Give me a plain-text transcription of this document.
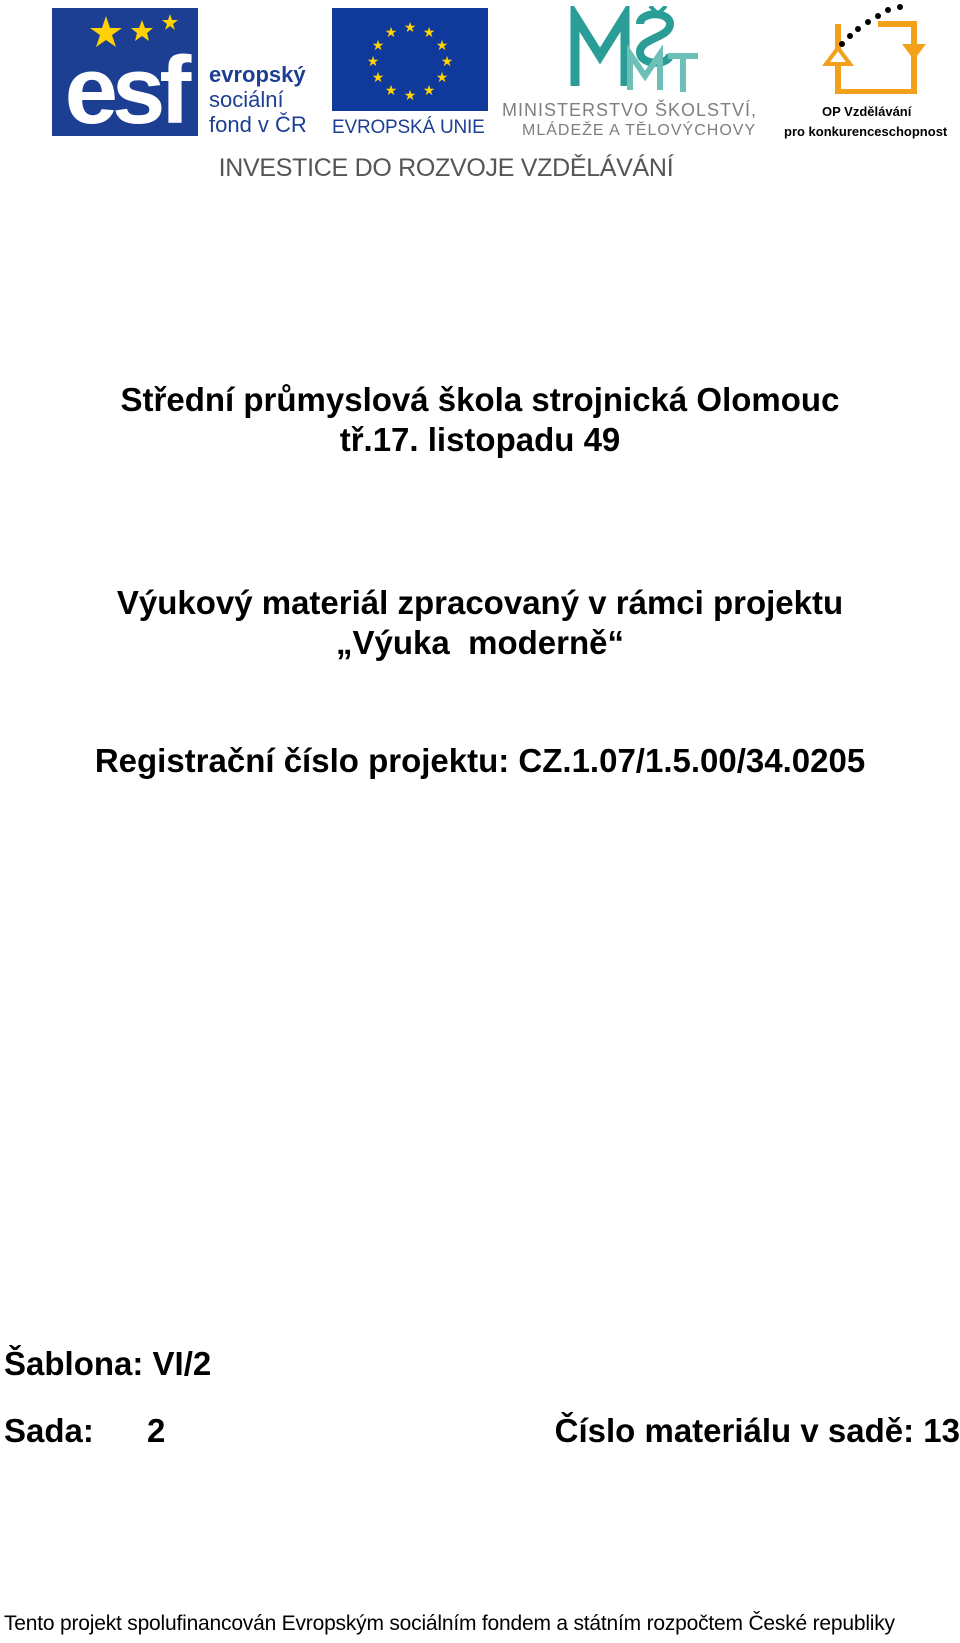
esf	evropský
sociální
fond v ČR
★ ★
★
★
★
★
★
★
★
★
★
★
EVROPSKÁ UNIE
MINISTERSTVO ŠKOLSTVÍ,
MLÁDEŽE A TĚLOVÝCHOVY
OP Vzdělávání
pro konkurenceschopnost
INVESTICE DO ROZVOJE VZDĚLÁVÁNÍ
Střední průmyslová škola strojnická Olomouc
tř.17. listopadu 49
Výukový materiál zpracovaný v rámci projektu
„Výuka  moderně“
Registrační číslo projektu: CZ.1.07/1.5.00/34.0205
Šablona: VI/2
Sada: 2	Číslo materiálu v sadě: 13
Tento projekt spolufinancován Evropským sociálním fondem a státním rozpočtem České republiky
